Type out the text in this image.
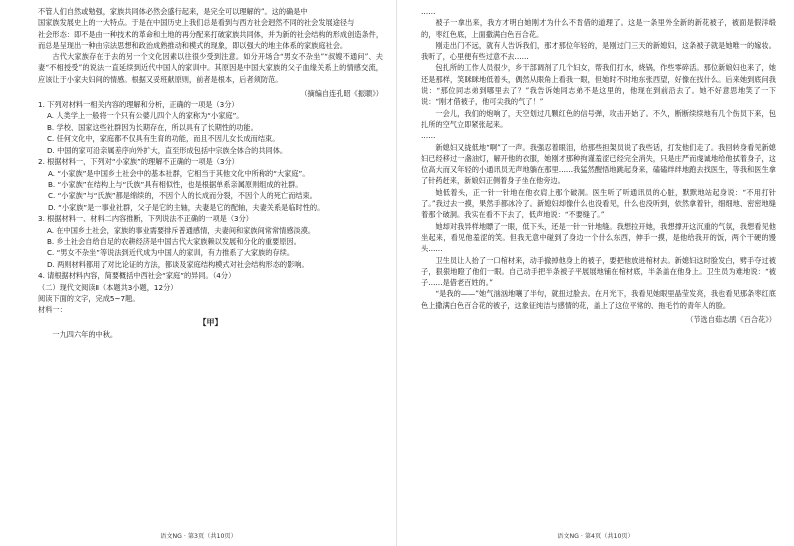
不管人们自然或勉强，家族共同体必然会盛行起来，是完全可以理解的”。这的确是中

国家族发展史上的一大特点。于是在中国历史上我们总是看到与西方社会迥然不同的社会发展途径与

社会形态：即不是由一种技术的革命和土地的再分配来打破家族共同体，并为新的社会结构的形成创造条件，

而总是呈现出一种由宗法思想和政治成熟推动和模式的现象，即以强大的地主体系的家族庭社会。

古代大家族存在于去的另一个文化因素以往很少受到注意。如分开场合“男女不杂坐”“叔嫂不通问”、夫妻“不相授受”的说法一直延续到近代中国人的家训中。其原因是中国大家族的父子血缘关系上的情感交流，应该让于小家夫妇间的情感。根据又妥班献原则，前者是根本，后者须防范。

（摘编自连孔昭《振聩》）

1. 下列对材料一相关内容的理解和分析，正确的一项是（3分）

A. 人类学上一般将一个只有公婆儿四个人的家称为“小家庭”。

B. 学校、国家这些社群因为长期存在，所以具有了长期性的功能。

C. 任何文化中，家庭都不仅具有生育的功能，而且不因儿女长成而结束。

D. 中国的家可沿亲属差序向外扩大，直至形成包括中宗族全体合的共同体。

2. 根据材料一，下列对“小家族”的理解不正确的一项是（3分）

A. “小家族”是中国乡土社会中的基本社群，它相当于其他文化中所称的“大家庭”。

B. “小家族”在结构上与“氏族”具有相似性，也是根据单系亲属原则组成的社群。

C. “小家族”与“氏族”都是绵续的，不因个人的长成而分裂，不因个人的死亡而结束。

D. “小家族”是一事业社群，父子是它的主轴，夫妻是它的配轴，夫妻关系是临时性的。

3. 根据材料一、材料二内容推断，下列说法不正确的一项是（3分）

A. 在中国乡土社会，家族的事业需要排斥普通感情，夫妻间和家族间常常情感淡漠。

B. 乡土社会自给自足的农耕经济是中国古代大家族赖以发展和分化的重要原因。

C. “男女不杂坐”等说法到近代成为中国人的家训，有力推系了大家族的存续。

D. 两则材料都用了对比论证的方法，都谈及家庭结构模式对社会结构形态的影响。

4. 请根据材料内容，简要概括中西社会“家庭”的异同。（4分）

（二）现代文阅读Ⅱ（本题共3小题，12分）

阅读下面的文字，完成5~7题。

材料一：

【甲】

一九四六年的中秋。

语文NG · 第3页（共10页）

……

被子一拿出来，我方才明白她刚才为什么不肯借的道理了。这是一条里外全新的新花被子，被面是假洋缎的，枣红色底，上面撒满白色百合花。

刚走出门不远，就有人告诉我们，那才那位年轻的，是刚过门三天的新媳妇，这条被子就是她唯一的嫁妆。我听了，心里便有些过意不去……

包扎所的工作人员很少，乡干部调剂了几个妇女，帮我们打水，烧锅，作些零碎活。那位新娘妇也来了，她还是那样，笑眯眯地低着头，偶然从眼角上看我一眼，但她时不时地东张西望，好像在找什么。后来她到底问我说：“那位同志弟到哪里去了？”我告诉她同志弟不是这里的，他现在到前沿去了。她不好意思地笑了一下说：“刚才借被子，他可尖我的气了！”

一会儿，我们的炮响了，天空划过几颗红色的信号弹，攻击开始了。不久，断断续续地有几个伤员下来，包扎所的空气立即紧张起来。

……

新媳妇又拢低地“啊”了一声。我强忍着眼泪，给那些担架员说了我些话，打发他们走了。我回转身看见新媳妇已经移过一盏油灯，解开他的衣服，她刚才那种拘谨羞涩已经完全消失，只是庄严而虔诚地给他拭着身子，这位高大而又年轻的小通讯员无声地躺在那里……我猛然醒悟地跳起身来，磕磕绊绊地跑去找医生，等我和医生拿了针药赶来，新娘妇正侧着身子坐在他旁边。

她低着头，正一针一针地在他衣肩上那个破洞。医生听了听通讯员的心脏，默默地站起身说：“不用打针了。”我过去一摸，果然手都冰冷了。新媳妇却像什么也没看见，什么也没听到，依然拿着针，细细地、密密地缝着那个破洞。我实在看不下去了，低声地说：“不要缝了。”

她却对我异样地瞟了一眼，低下头，还是一针一针地缝。我想拉开她，我想撑开这沉重的气氛，我想看见他坐起来，看见他羞涩的笑。但我无意中碰到了身边一个什么东西，伸手一摸，是他给我开的饭，两个干硬的馒头……

卫生员让人抬了一口棺材来，动手撤掉他身上的被子，要把他放进棺材去。新媳妇这时脸发白，劈手夺过被子，狠狠地瞪了他们一眼。自己动手把半条被子平展展地铺在棺材底，半条盖在他身上。卫生员为难地说：“被子……是借老百姓的。”

“是我的——”她气汹汹地嚷了半句，就扭过脸去。在月光下，我看见她眼里晶莹发亮，我也看见那条枣红底色上撒满白色百合花的被子，这象征纯洁与感情的花，盖上了这位平常的、拖毛竹的青年人的脸。

（节选自茹志鹃《百合花》）

语文NG · 第4页（共10页）
